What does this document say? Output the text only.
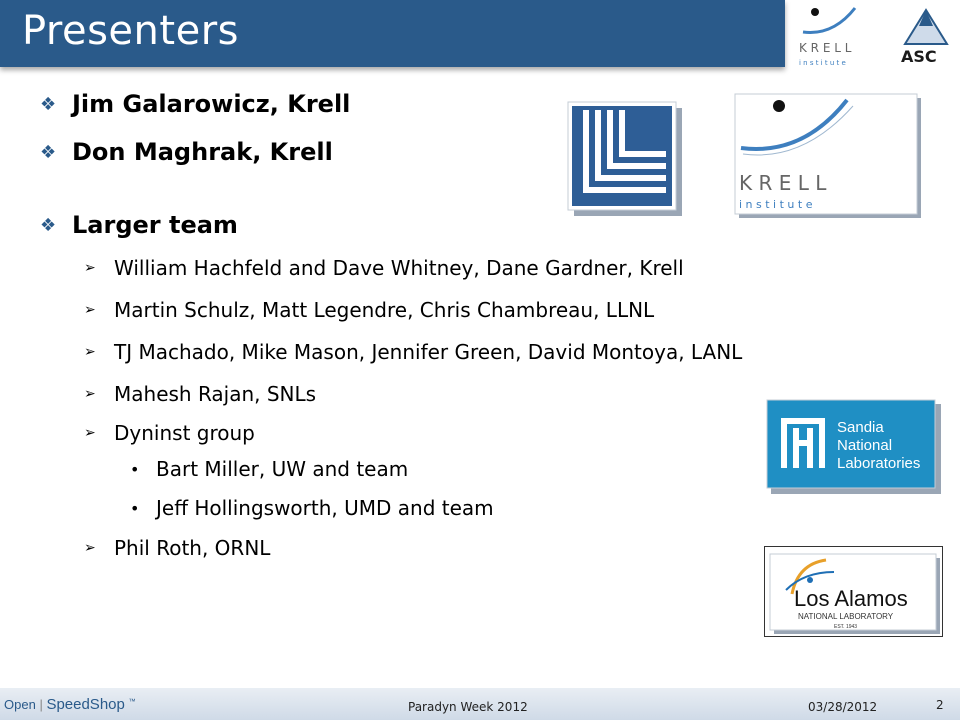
Presenters	K R E L L
i n s t i t u t e	ASC
❖ Jim Galarowicz, Krell
❖ Don Maghrak, Krell
❖ Larger team
➢ William Hachfeld and Dave Whitney, Dane Gardner, Krell
➢ Martin Schulz, Matt Legendre, Chris Chambreau, LLNL
➢ TJ Machado, Mike Mason, Jennifer Green, David Montoya, LANL
➢ Mahesh Rajan, SNLs
➢ Dyninst group
• Bart Miller, UW and team
• Jeff Hollingsworth, UMD and team
➢ Phil Roth, ORNL
K R E L L
i n s t i t u t e
Sandia
National
Laboratories
Los Alamos
NATIONAL LABORATORY
EST. 1943
Open | SpeedShop ™	Paradyn Week 2012	03/28/2012	2
